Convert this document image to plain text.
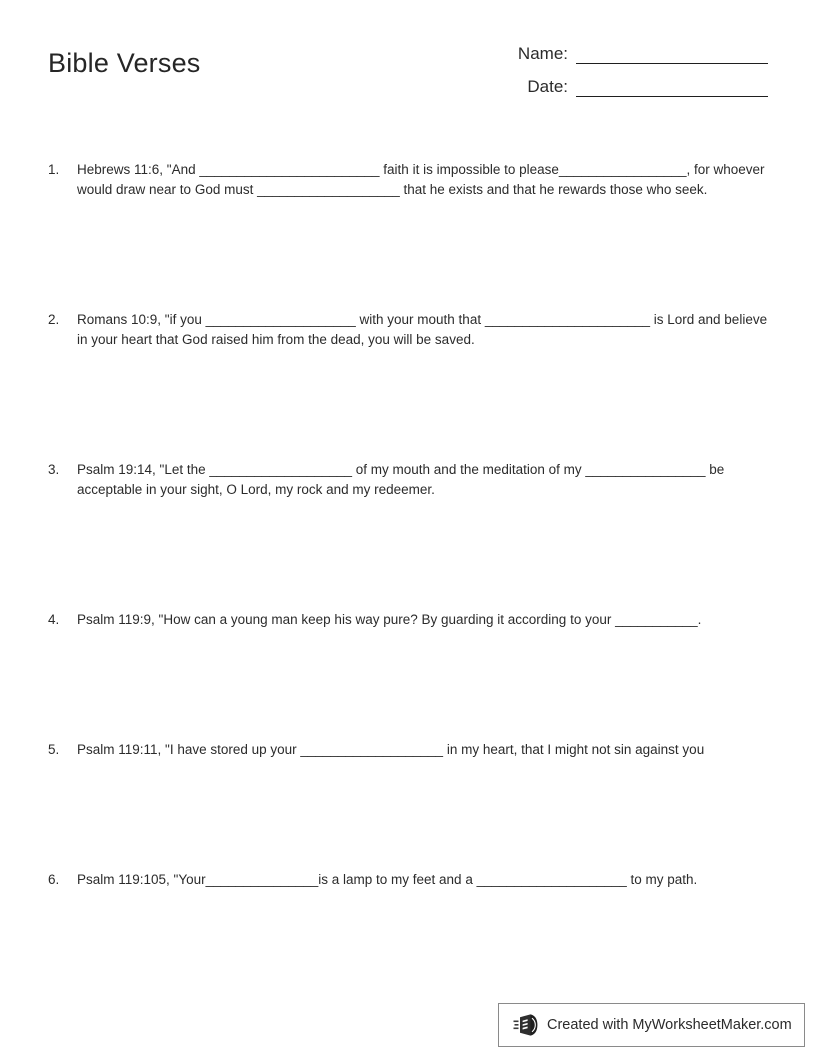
Bible Verses	Name:
Date:
1.	Hebrews 11:6, "And ________________________ faith it is impossible to please_________________, for whoever would draw near to God must ___________________ that he exists and that he rewards those who seek.
2.	Romans 10:9, "if you ____________________ with your mouth that ______________________ is Lord and believe in your heart that God raised him from the dead, you will be saved.
3.	Psalm 19:14, "Let the ___________________ of my mouth and the meditation of my ________________ be acceptable in your sight, O Lord, my rock and my redeemer.
4.	Psalm 119:9, "How can a young man keep his way pure? By guarding it according to your ___________.
5.	Psalm 119:11, "I have stored up your ___________________ in my heart, that I might not sin against you
6.	Psalm 119:105, "Your_______________is a lamp to my feet and a ____________________ to my path.
Created with MyWorksheetMaker.com
